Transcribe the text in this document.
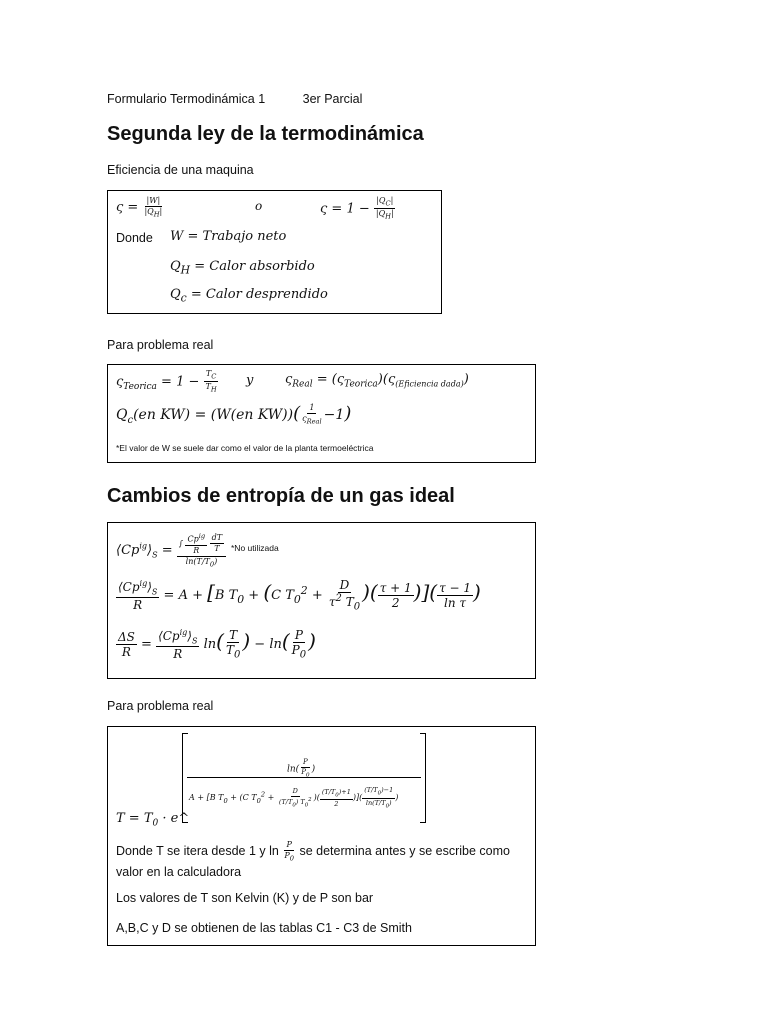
Formulario Termodinámica 1	3er Parcial
Segunda ley de la termodinámica
Eficiencia de una maquina
$\varsigma = \frac{|W|}{|Q_H|}$	o	$\varsigma = 1 - \frac{|Q_C|}{|Q_H|}$
Donde W = Trabajo neto
$Q_H$ = Calor absorbido
$Q_c$ = Calor desprendido
Para problema real
$\varsigma_{Teorica} = 1 - \frac{T_C}{T_H}$ y $\varsigma_{Real} = (\varsigma_{Teorica})(\varsigma_{(Eficiencia dada)})$
$Q_c(en$ KW) = (W(en $KW))( \frac{1}{\varsigma_{Real}} -1)$
*El valor de W se suele dar como el valor de la planta termoeléctrica
Cambios de entropía de un gas ideal
$⟨Cp^{ig}⟩_S$ = ∫ $\frac{Cp^{ig}}{R}$
$\frac{dT}{T}$
$\ln(T/T_0)$ *No utilizada
$\frac{⟨Cp^{ig}⟩_S}{R} = A + [B$ $T_0 + (C$ $T_0^2 + \frac{D}{\tau^2 T_0}$ )( $\frac{\tau + 1}{2}$ )]( $\frac{\tau - 1}{\text{ln τ}}$ )
$\frac{\Delta S}{R} = \frac{⟨Cp^{ig}⟩_S}{R} \ln( \frac{T}{T_0}$ ) − $\ln( \frac{P}{P_0}$ )
Para problema real
$\ln( \frac{P}{P_0}$ )
A + [B $T_0 + (C$ $T_0^2 + \frac{D}{(T/T_0) T_0^2}$ )( $\frac{(T/T_0)+1}{2}$ )]( $\frac{(T/T_0)-1}{\ln(T/T_0)}$ )
$T = T_0$ · e^
Donde T se itera desde 1 y $\ln \frac{P}{P_0}$ se determina antes y se escribe como
valor en la calculadora
Los valores de T son Kelvin (K) y de P son bar
A,B,C y D se obtienen de las tablas C1 - C3 de Smith
